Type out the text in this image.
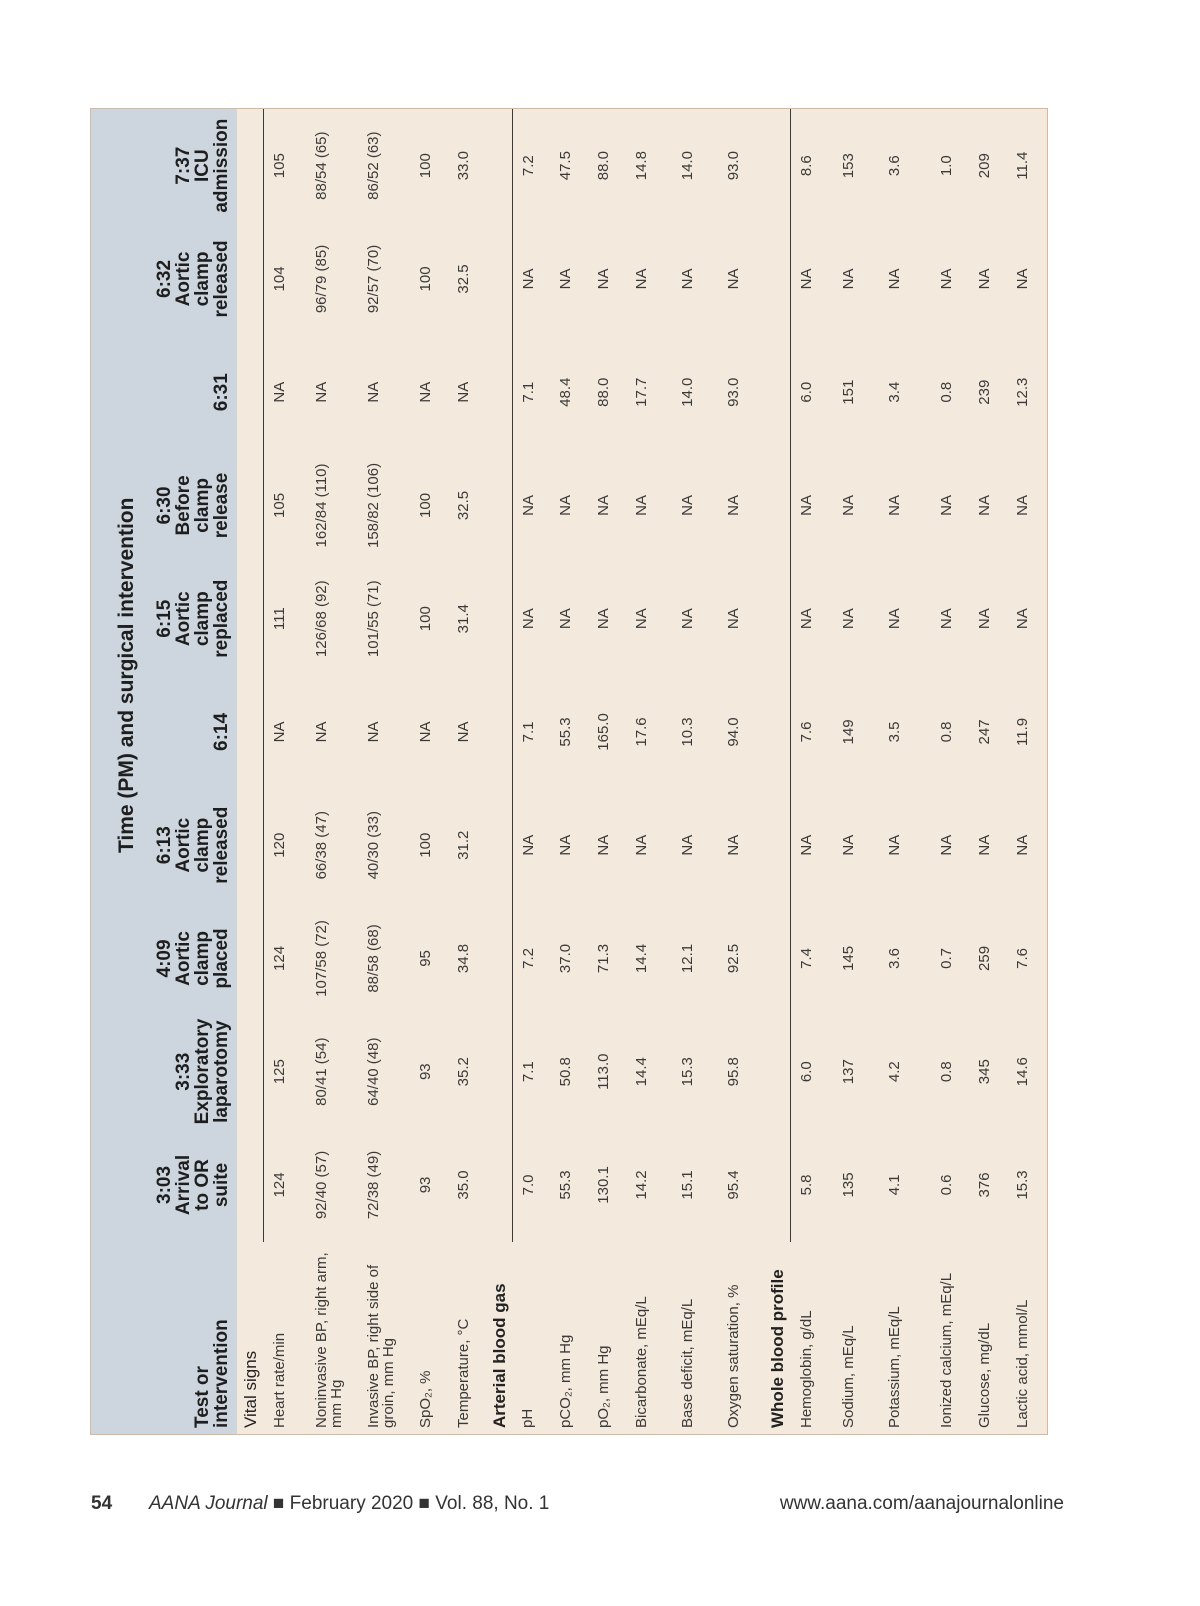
	Time (PM) and surgical intervention									

Test or
intervention	3:03
Arrival
to OR
suite	3:33
Exploratory
laparotomy	4:09
Aortic
clamp
placed	6:13
Aortic
clamp
released	6:14	6:15
Aortic
clamp
replaced	6:30
Before
clamp
release	6:31	6:32
Aortic
clamp
released	7:37
ICU
admission

Vital signs										
Heart rate/min	124	125	124	120	NA	111	105	NA	104	105
Noninvasive BP, right arm, mm Hg	92/40 (57)	80/41 (54)	107/58 (72)	66/38 (47)	NA	126/68 (92)	162/84 (110)	NA	96/79 (85)	88/54 (65)
Invasive BP, right side of groin, mm Hg	72/38 (49)	64/40 (48)	88/58 (68)	40/30 (33)	NA	101/55 (71)	158/82 (106)	NA	92/57 (70)	86/52 (63)
SpO₂, %	93	93	95	100	NA	100	100	NA	100	100
Temperature, °C	35.0	35.2	34.8	31.2	NA	31.4	32.5	NA	32.5	33.0
Arterial blood gas										
pH	7.0	7.1	7.2	NA	7.1	NA	NA	7.1	NA	7.2
pCO₂, mm Hg	55.3	50.8	37.0	NA	55.3	NA	NA	48.4	NA	47.5
pO₂, mm Hg	130.1	113.0	71.3	NA	165.0	NA	NA	88.0	NA	88.0
Bicarbonate, mEq/L	14.2	14.4	14.4	NA	17.6	NA	NA	17.7	NA	14.8
Base deficit, mEq/L	15.1	15.3	12.1	NA	10.3	NA	NA	14.0	NA	14.0
Oxygen saturation, %	95.4	95.8	92.5	NA	94.0	NA	NA	93.0	NA	93.0
Whole blood profile										
Hemoglobin, g/dL	5.8	6.0	7.4	NA	7.6	NA	NA	6.0	NA	8.6
Sodium, mEq/L	135	137	145	NA	149	NA	NA	151	NA	153
Potassium, mEq/L	4.1	4.2	3.6	NA	3.5	NA	NA	3.4	NA	3.6
Ionized calcium, mEq/L	0.6	0.8	0.7	NA	0.8	NA	NA	0.8	NA	1.0
Glucose, mg/dL	376	345	259	NA	247	NA	NA	239	NA	209
Lactic acid, mmol/L	15.3	14.6	7.6	NA	11.9	NA	NA	12.3	NA	11.4
54 AANA Journal ■ February 2020 ■ Vol. 88, No. 1	www.aana.com/aanajournalonline
